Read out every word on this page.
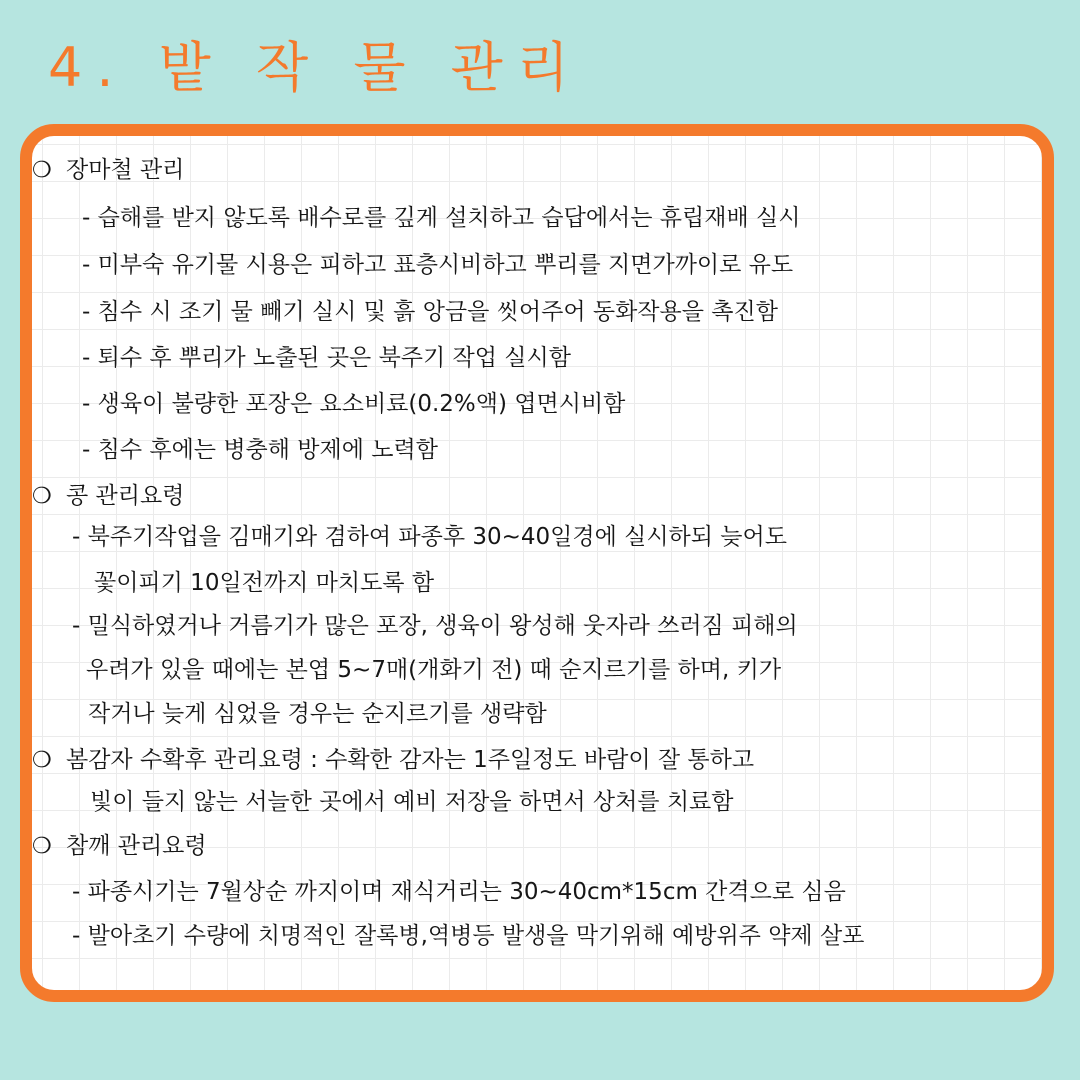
4. 밭 작 물 관리
❍ 장마철 관리
- 습해를 받지 않도록 배수로를 깊게 설치하고 습답에서는 휴립재배 실시
- 미부숙 유기물 시용은 피하고 표층시비하고 뿌리를 지면가까이로 유도
- 침수 시 조기 물 빼기 실시 및 흙 앙금을 씻어주어 동화작용을 촉진함
- 퇴수 후 뿌리가 노출된 곳은 북주기 작업 실시함
- 생육이 불량한 포장은 요소비료(0.2%액) 엽면시비함
- 침수 후에는 병충해 방제에 노력함
❍ 콩 관리요령
- 북주기작업을 김매기와 겸하여 파종후 30~40일경에 실시하되 늦어도
꽃이피기 10일전까지 마치도록 함
- 밀식하였거나 거름기가 많은 포장, 생육이 왕성해 웃자라 쓰러짐 피해의
우려가 있을 때에는 본엽 5~7매(개화기 전) 때 순지르기를 하며, 키가
작거나 늦게 심었을 경우는 순지르기를 생략함
❍ 봄감자 수확후 관리요령 : 수확한 감자는 1주일정도 바람이 잘 통하고
빛이 들지 않는 서늘한 곳에서 예비 저장을 하면서 상처를 치료함
❍ 참깨 관리요령
- 파종시기는 7월상순 까지이며 재식거리는 30~40cm*15cm 간격으로 심음
- 발아초기 수량에 치명적인 잘록병,역병등 발생을 막기위해 예방위주 약제 살포
